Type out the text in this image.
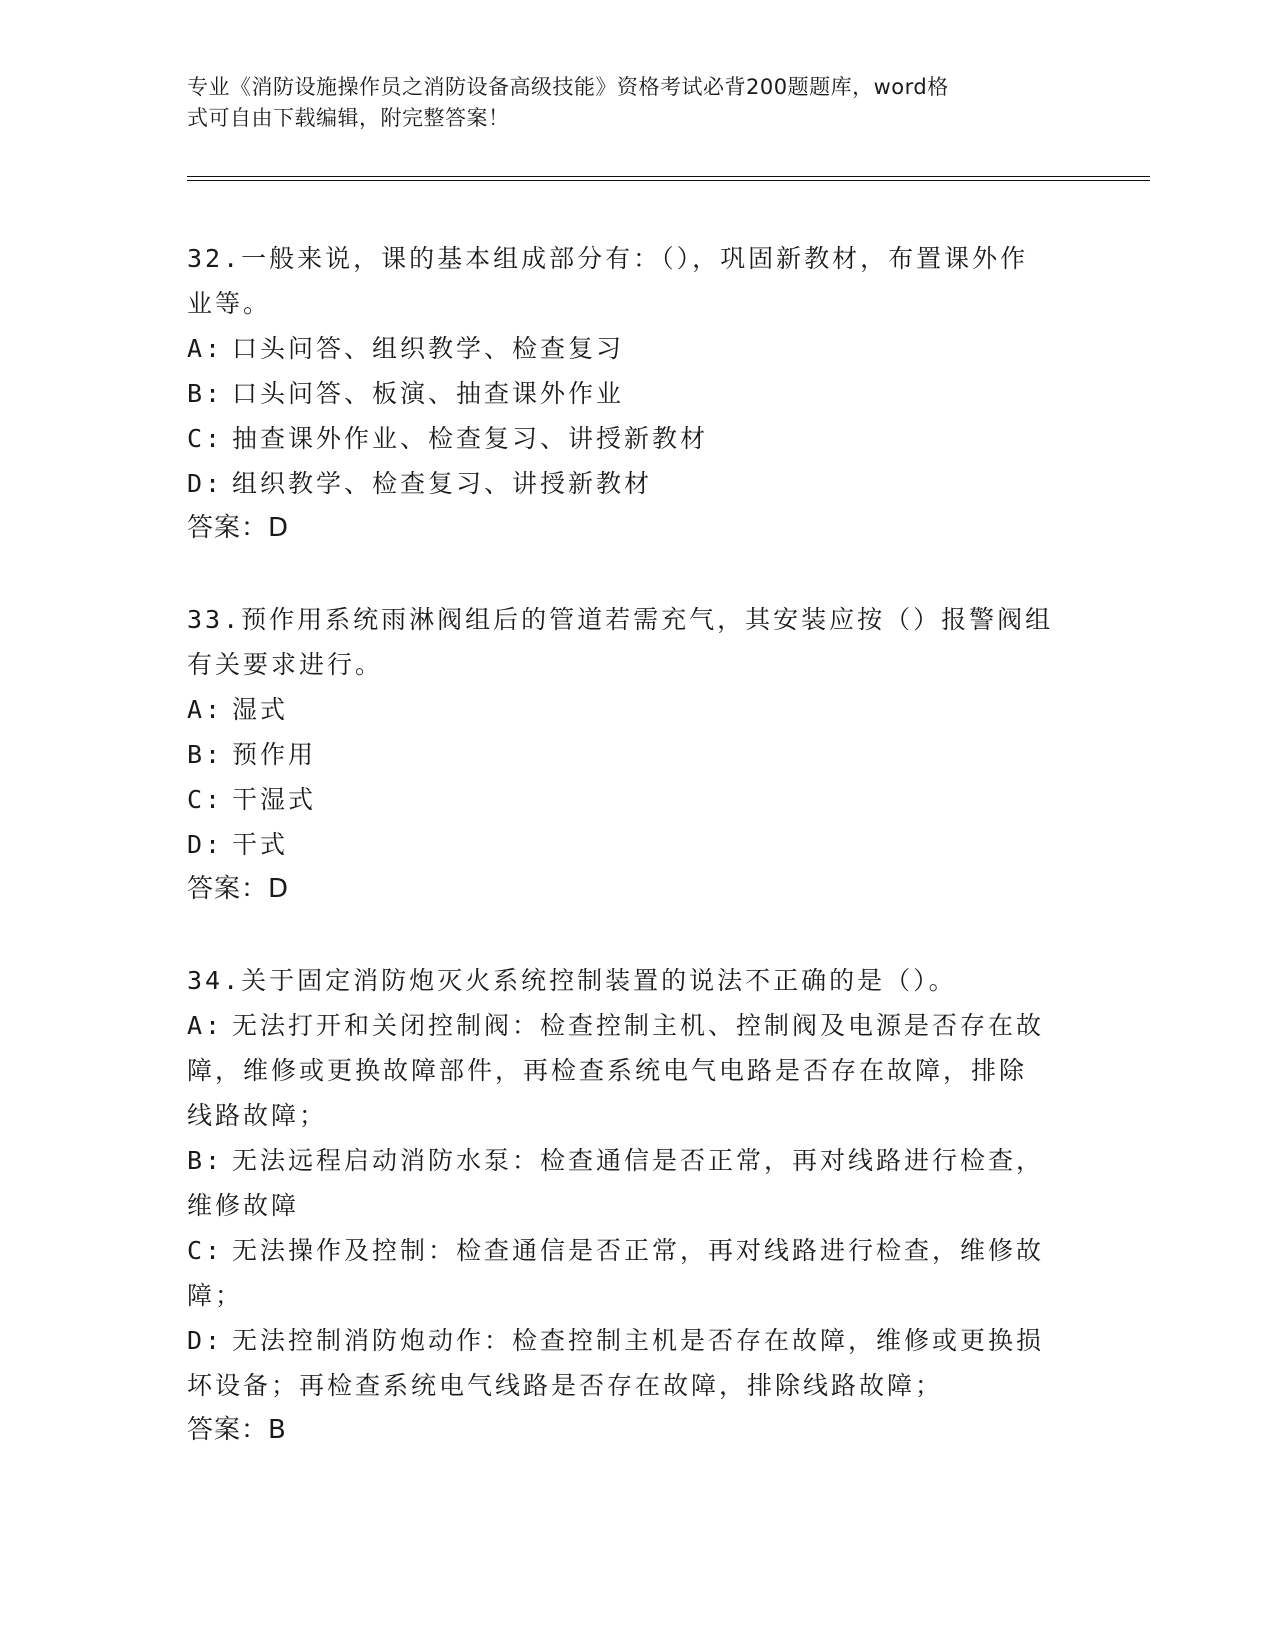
专业《消防设施操作员之消防设备高级技能》资格考试必背200题题库，word格
式可自由下载编辑，附完整答案！
32.一般来说，课的基本组成部分有：（），巩固新教材，布置课外作
业等。
A: 口头问答、组织教学、检查复习
B: 口头问答、板演、抽查课外作业
C: 抽查课外作业、检查复习、讲授新教材
D: 组织教学、检查复习、讲授新教材
答案：D
33.预作用系统雨淋阀组后的管道若需充气，其安装应按（）报警阀组
有关要求进行。
A: 湿式
B: 预作用
C: 干湿式
D: 干式
答案：D
34.关于固定消防炮灭火系统控制装置的说法不正确的是（）。
A: 无法打开和关闭控制阀：检查控制主机、控制阀及电源是否存在故
障，维修或更换故障部件，再检查系统电气电路是否存在故障，排除
线路故障；
B: 无法远程启动消防水泵：检查通信是否正常，再对线路进行检查，
维修故障
C: 无法操作及控制：检查通信是否正常，再对线路进行检查，维修故
障；
D: 无法控制消防炮动作：检查控制主机是否存在故障，维修或更换损
坏设备；再检查系统电气线路是否存在故障，排除线路故障；
答案：B
